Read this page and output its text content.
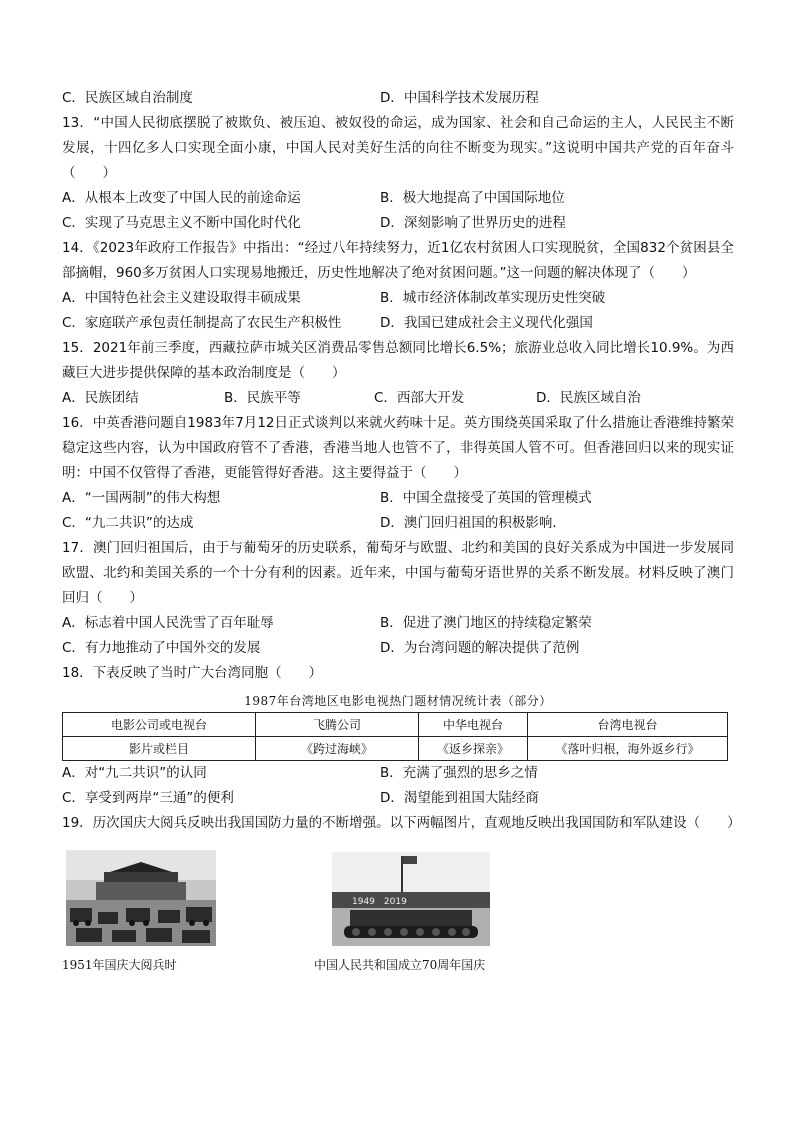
C．民族区域自治制度	D．中国科学技术发展历程
13．“中国人民彻底摆脱了被欺负、被压迫、被奴役的命运，成为国家、社会和自己命运的主人，人民民主不断发展，十四亿多人口实现全面小康，中国人民对美好生活的向往不断变为现实。”这说明中国共产党的百年奋斗（　　）
A．从根本上改变了中国人民的前途命运	B．极大地提高了中国国际地位
C．实现了马克思主义不断中国化时代化	D．深刻影响了世界历史的进程
14．《2023年政府工作报告》中指出：“经过八年持续努力，近1亿农村贫困人口实现脱贫，全国832个贫困县全部摘帽，960多万贫困人口实现易地搬迁，历史性地解决了绝对贫困问题。”这一问题的解决体现了（　　）
A．中国特色社会主义建设取得丰硕成果	B．城市经济体制改革实现历史性突破
C．家庭联产承包责任制提高了农民生产积极性	D．我国已建成社会主义现代化强国
15．2021年前三季度，西藏拉萨市城关区消费品零售总额同比增长6.5%；旅游业总收入同比增长10.9%。为西藏巨大进步提供保障的基本政治制度是（　　）
A．民族团结	B．民族平等	C．西部大开发	D．民族区域自治
16．中英香港问题自1983年7月12日正式谈判以来就火药味十足。英方围绕英国采取了什么措施让香港维持繁荣稳定这些内容，认为中国政府管不了香港，香港当地人也管不了，非得英国人管不可。但香港回归以来的现实证明：中国不仅管得了香港，更能管得好香港。这主要得益于（　　）
A．“一国两制”的伟大构想	B．中国全盘接受了英国的管理模式
C．“九二共识”的达成	D．澳门回归祖国的积极影响.
17．澳门回归祖国后，由于与葡萄牙的历史联系，葡萄牙与欧盟、北约和美国的良好关系成为中国进一步发展同欧盟、北约和美国关系的一个十分有利的因素。近年来，中国与葡萄牙语世界的关系不断发展。材料反映了澳门回归（　　）
A．标志着中国人民洗雪了百年耻辱	B．促进了澳门地区的持续稳定繁荣
C．有力地推动了中国外交的发展	D．为台湾问题的解决提供了范例
18．下表反映了当时广大台湾同胞（　　）
1987年台湾地区电影电视热门题材情况统计表（部分）
电影公司或电视台	飞腾公司	中华电视台	台湾电视台
影片或栏目	《跨过海峡》	《返乡探亲》	《落叶归根，海外返乡行》
A．对“九二共识”的认同	B．充满了强烈的思乡之情
C．享受到两岸“三通”的便利	D．渴望能到祖国大陆经商
19．历次国庆大阅兵反映出我国国防力量的不断增强。以下两幅图片，直观地反映出我国国防和军队建设（　　）
1949　2019
1951年国庆大阅兵时	中国人民共和国成立70周年国庆
